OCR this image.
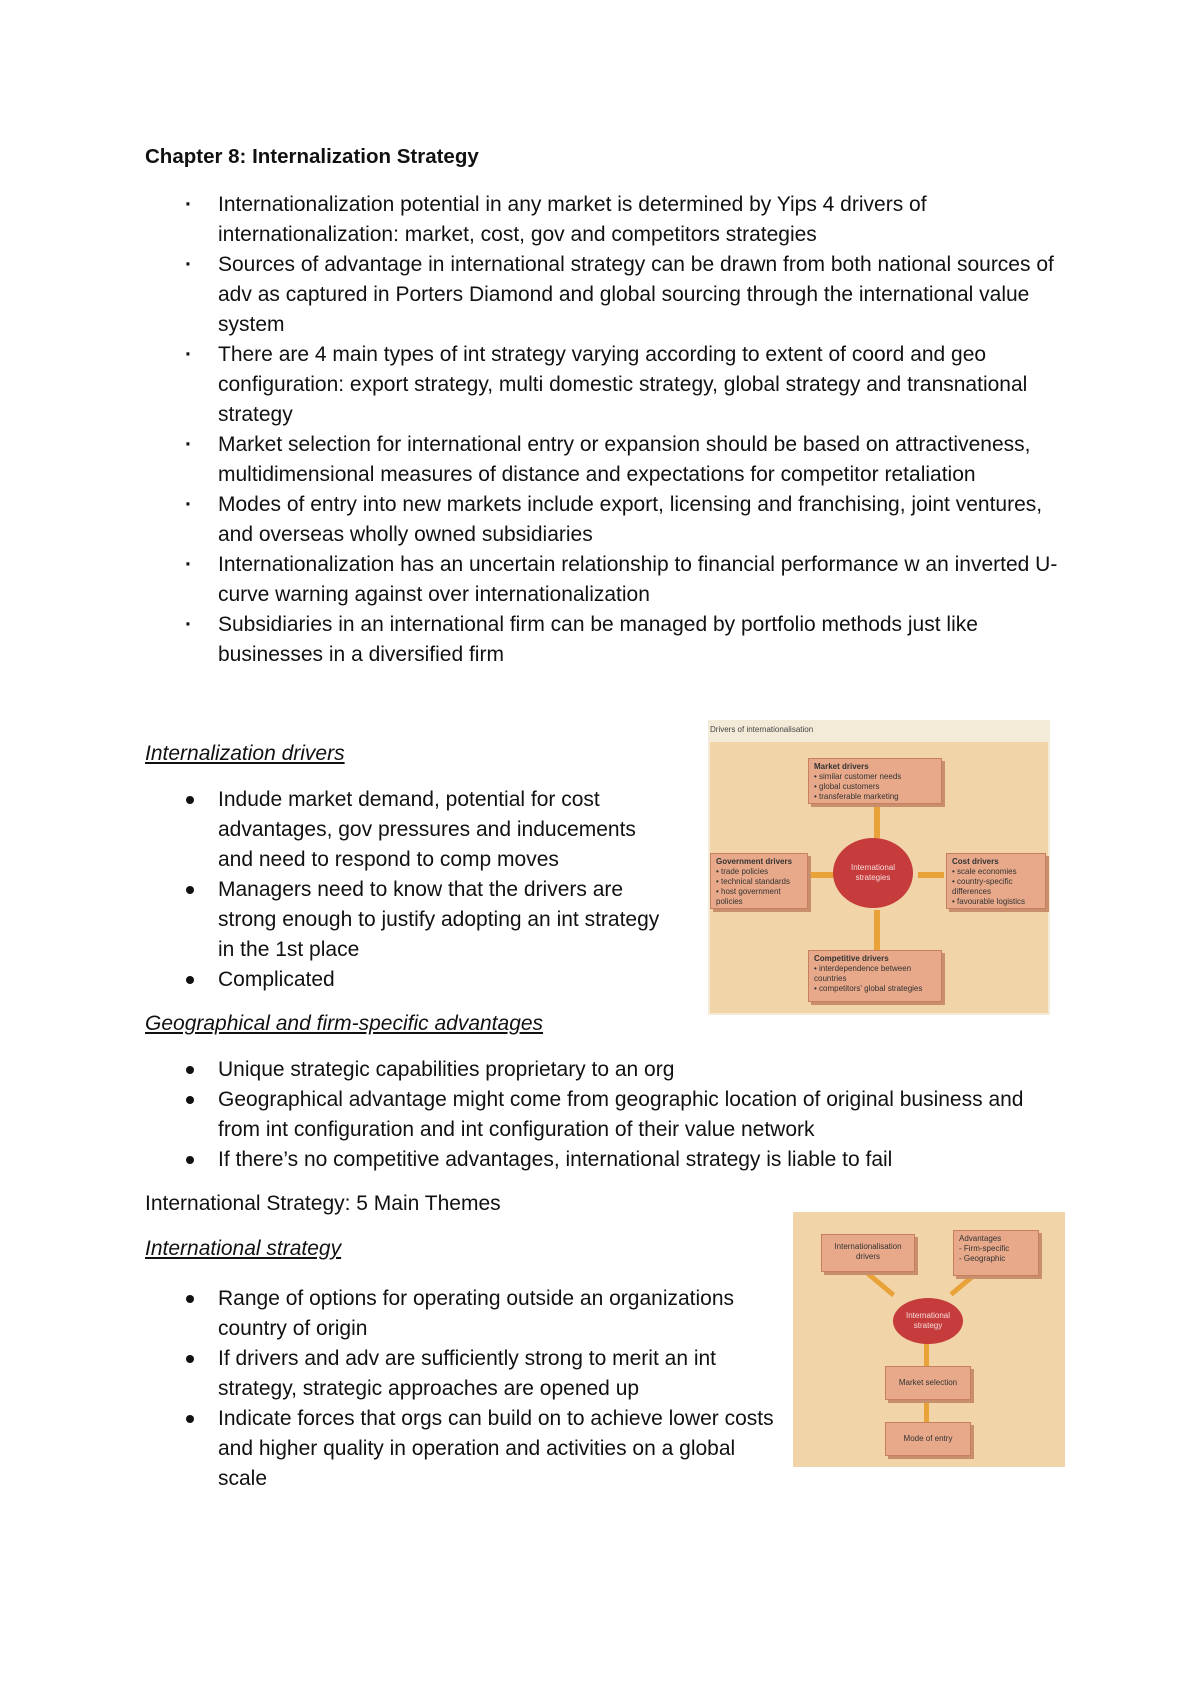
Chapter 8: Internalization Strategy
· Internationalization potential in any market is determined by Yips 4 drivers of internationalization: market, cost, gov and competitors strategies
· Sources of advantage in international strategy can be drawn from both national sources of adv as captured in Porters Diamond and global sourcing through the international value system
· There are 4 main types of int strategy varying according to extent of coord and geo configuration: export strategy, multi domestic strategy, global strategy and transnational strategy
· Market selection for international entry or expansion should be based on attractiveness, multidimensional measures of distance and expectations for competitor retaliation
· Modes of entry into new markets include export, licensing and franchising, joint ventures, and overseas wholly owned subsidiaries
· Internationalization has an uncertain relationship to financial performance w an inverted U-curve warning against over internationalization
· Subsidiaries in an international firm can be managed by portfolio methods just like businesses in a diversified firm
Internalization drivers
Indude market demand, potential for cost advantages, gov pressures and inducements and need to respond to comp moves
Managers need to know that the drivers are strong enough to justify adopting an int strategy in the 1st place
Complicated
Drivers of internationalisation
Market drivers
• similar customer needs
• global customers
• transferable marketing
Government drivers
• trade policies
• technical standards
• host government policies
International strategies
Cost drivers
• scale economies
• country-specific differences
• favourable logistics
Competitive drivers
• interdependence between countries
• competitors' global strategies
Geographical and firm-specific advantages
Unique strategic capabilities proprietary to an org
Geographical advantage might come from geographic location of original business and from int configuration and int configuration of their value network
If there’s no competitive advantages, international strategy is liable to fail
International Strategy: 5 Main Themes
International strategy
Range of options for operating outside an organizations country of origin
If drivers and adv are sufficiently strong to merit an int strategy, strategic approaches are opened up
Indicate forces that orgs can build on to achieve lower costs and higher quality in operation and activities on a global scale
Internationalisation drivers
Advantages
- Firm-specific
- Geographic
International strategy
Market selection
Mode of entry
